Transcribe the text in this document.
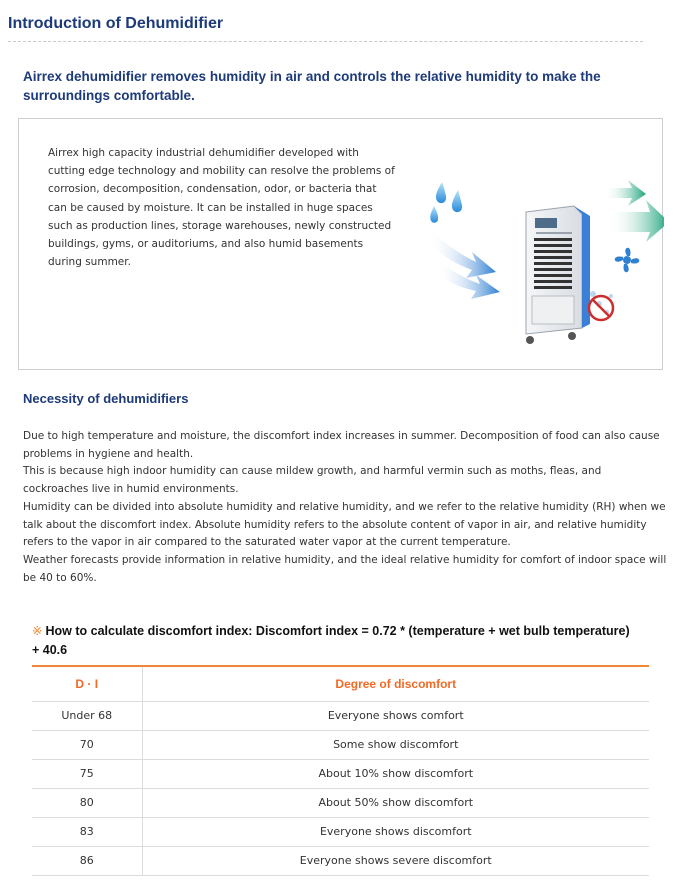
Introduction of Dehumidifier
Airrex dehumidifier removes humidity in air and controls the relative humidity to make the surroundings comfortable.
Airrex high capacity industrial dehumidifier developed with cutting edge technology and mobility can resolve the problems of corrosion, decomposition, condensation, odor, or bacteria that can be caused by moisture. It can be installed in huge spaces such as production lines, storage warehouses, newly constructed buildings, gyms, or auditoriums, and also humid basements during summer.
Necessity of dehumidifiers

Due to high temperature and moisture, the discomfort index increases in summer. Decomposition of food can also cause problems in hygiene and health.

This is because high indoor humidity can cause mildew growth, and harmful vermin such as moths, fleas, and cockroaches live in humid environments.

Humidity can be divided into absolute humidity and relative humidity, and we refer to the relative humidity (RH) when we talk about the discomfort index. Absolute humidity refers to the absolute content of vapor in air, and relative humidity refers to the vapor in air compared to the saturated water vapor at the current temperature.

Weather forecasts provide information in relative humidity, and the ideal relative humidity for comfort of indoor space will be 40 to 60%.

※ How to calculate discomfort index: Discomfort index = 0.72 * (temperature + wet bulb temperature) + 40.6
D · I	Degree of discomfort
Under 68	Everyone shows comfort
70	Some show discomfort
75	About 10% show discomfort
80	About 50% show discomfort
83	Everyone shows discomfort
86	Everyone shows severe discomfort
